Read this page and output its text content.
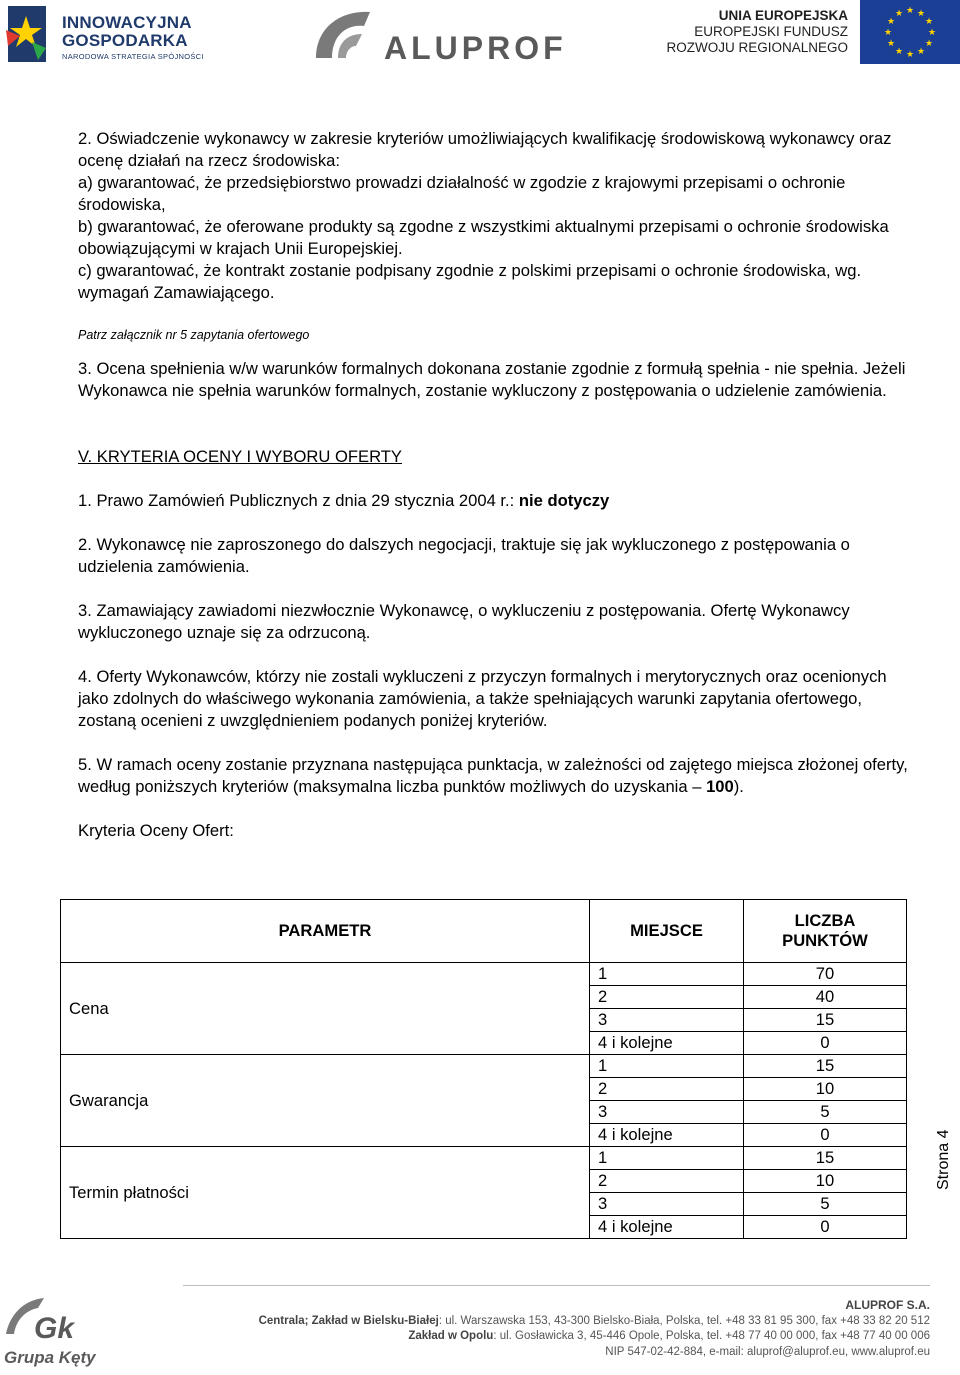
INNOWACYJNA
GOSPODARKA
NARODOWA STRATEGIA SPÓJNOŚCI	ALUPROF
UNIA EUROPEJSKA
EUROPEJSKI FUNDUSZ
ROZWOJU REGIONALNEGO
★ ★
★
★
★
★
★
★
★
★
★
★

2. Oświadczenie wykonawcy w zakresie kryteriów umożliwiających kwalifikację środowiskową wykonawcy oraz ocenę działań na rzecz środowiska:

a) gwarantować, że przedsiębiorstwo prowadzi działalność w zgodzie z krajowymi przepisami o ochronie środowiska,

b) gwarantować, że oferowane produkty są zgodne z wszystkimi aktualnymi przepisami o ochronie środowiska obowiązującymi w krajach Unii Europejskiej.

c) gwarantować, że kontrakt zostanie podpisany zgodnie z polskimi przepisami o ochronie środowiska, wg. wymagań Zamawiającego.

Patrz załącznik nr 5 zapytania ofertowego

3. Ocena spełnienia w/w warunków formalnych dokonana zostanie zgodnie z formułą spełnia - nie spełnia. Jeżeli Wykonawca nie spełnia warunków formalnych, zostanie wykluczony z postępowania o udzielenie zamówienia.

V. KRYTERIA OCENY I WYBORU OFERTY

1. Prawo Zamówień Publicznych z dnia 29 stycznia 2004 r.: nie dotyczy

2. Wykonawcę nie zaproszonego do dalszych negocjacji, traktuje się jak wykluczonego z postępowania o udzielenia zamówienia.

3. Zamawiający zawiadomi niezwłocznie Wykonawcę, o wykluczeniu z postępowania. Ofertę Wykonawcy wykluczonego uznaje się za odrzuconą.

4. Oferty Wykonawców, którzy nie zostali wykluczeni z przyczyn formalnych i merytorycznych oraz ocenionych jako zdolnych do właściwego wykonania zamówienia, a także spełniających warunki zapytania ofertowego, zostaną ocenieni z uwzględnieniem podanych poniżej kryteriów.

5. W ramach oceny zostanie przyznana następująca punktacja, w zależności od zajętego miejsca złożonej oferty, według poniższych kryteriów (maksymalna liczba punktów możliwych do uzyskania – 100).

Kryteria Oceny Ofert:

PARAMETR	MIEJSCE	LICZBA PUNKTÓW
Cena	1	70
	2	40
	3	15
	4 i kolejne	0
Gwarancja	1	15
	2	10
	3	5
	4 i kolejne	0
Termin płatności	1	15
	2	10
	3	5
	4 i kolejne	0
Strona 4
Gk
Grupa Kęty
ALUPROF S.A.
Centrala; Zakład w Bielsku-Białej: ul. Warszawska 153, 43-300 Bielsko-Biała, Polska, tel. +48 33 81 95 300, fax +48 33 82 20 512
Zakład w Opolu: ul. Gosławicka 3, 45-446 Opole, Polska, tel. +48 77 40 00 000, fax +48 77 40 00 006
NIP 547-02-42-884, e-mail: aluprof@aluprof.eu, www.aluprof.eu
